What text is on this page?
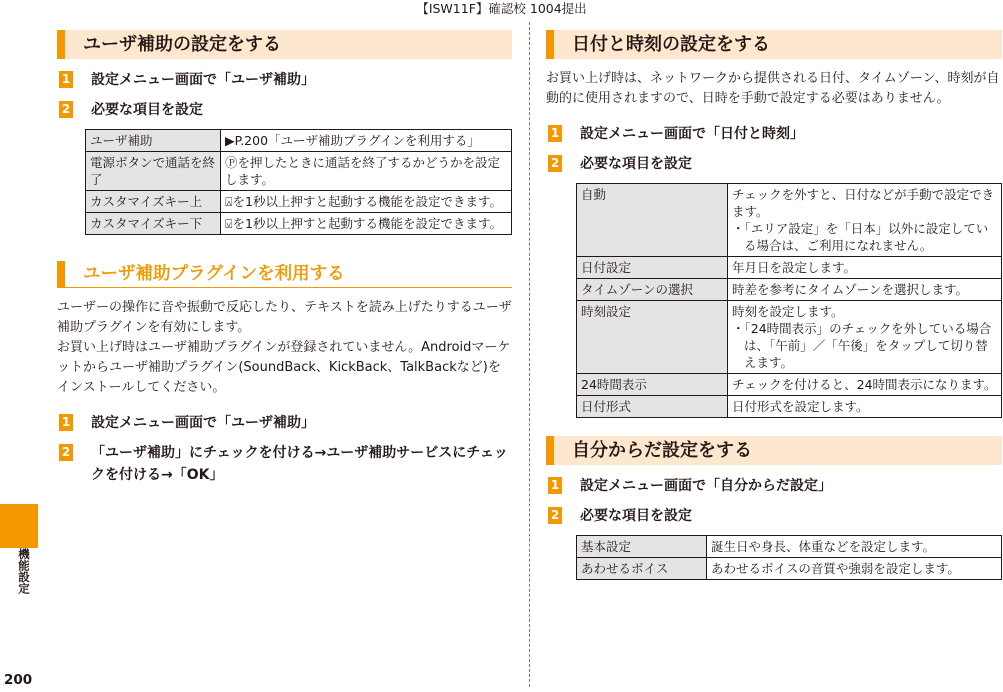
【ISW11F】確認校 1004提出
ユーザ補助の設定をする
1 設定メニュー画面で「ユーザ補助」
2 必要な項目を設定
ユーザ補助	▶P.200「ユーザ補助プラグインを利用する」
電源ボタンで通話を終了	Ⓟを押したときに通話を終了するかどうかを設定します。
カスタマイズキー上	⍓を1秒以上押すと起動する機能を設定できます。
カスタマイズキー下	⍌を1秒以上押すと起動する機能を設定できます。
ユーザ補助プラグインを利用する

ユーザーの操作に音や振動で反応したり、テキストを読み上げたりするユーザ補助プラグインを有効にします。

お買い上げ時はユーザ補助プラグインが登録されていません。Androidマーケットからユーザ補助プラグイン(SoundBack、KickBack、TalkBackなど)をインストールしてください。

1 設定メニュー画面で「ユーザ補助」
2 「ユーザ補助」にチェックを付ける→ユーザ補助サービスにチェックを付ける→「OK」
日付と時刻の設定をする
お買い上げ時は、ネットワークから提供される日付、タイムゾーン、時刻が自動的に使用されますので、日時を手動で設定する必要はありません。
1 設定メニュー画面で「日付と時刻」
2 必要な項目を設定
自動	チェックを外すと、日付などが手動で設定できます。
・「エリア設定」を「日本」以外に設定している場合は、ご利用になれません。

日付設定	年月日を設定します。
タイムゾーンの選択	時差を参考にタイムゾーンを選択します。
時刻設定	時刻を設定します。
・「24時間表示」のチェックを外している場合は、「午前」／「午後」をタップして切り替えます。

24時間表示	チェックを付けると、24時間表示になります。
日付形式	日付形式を設定します。
自分からだ設定をする
1 設定メニュー画面で「自分からだ設定」
2 必要な項目を設定
基本設定	誕生日や身長、体重などを設定します。
あわせるボイス	あわせるボイスの音質や強弱を設定します。
機能設定
200
